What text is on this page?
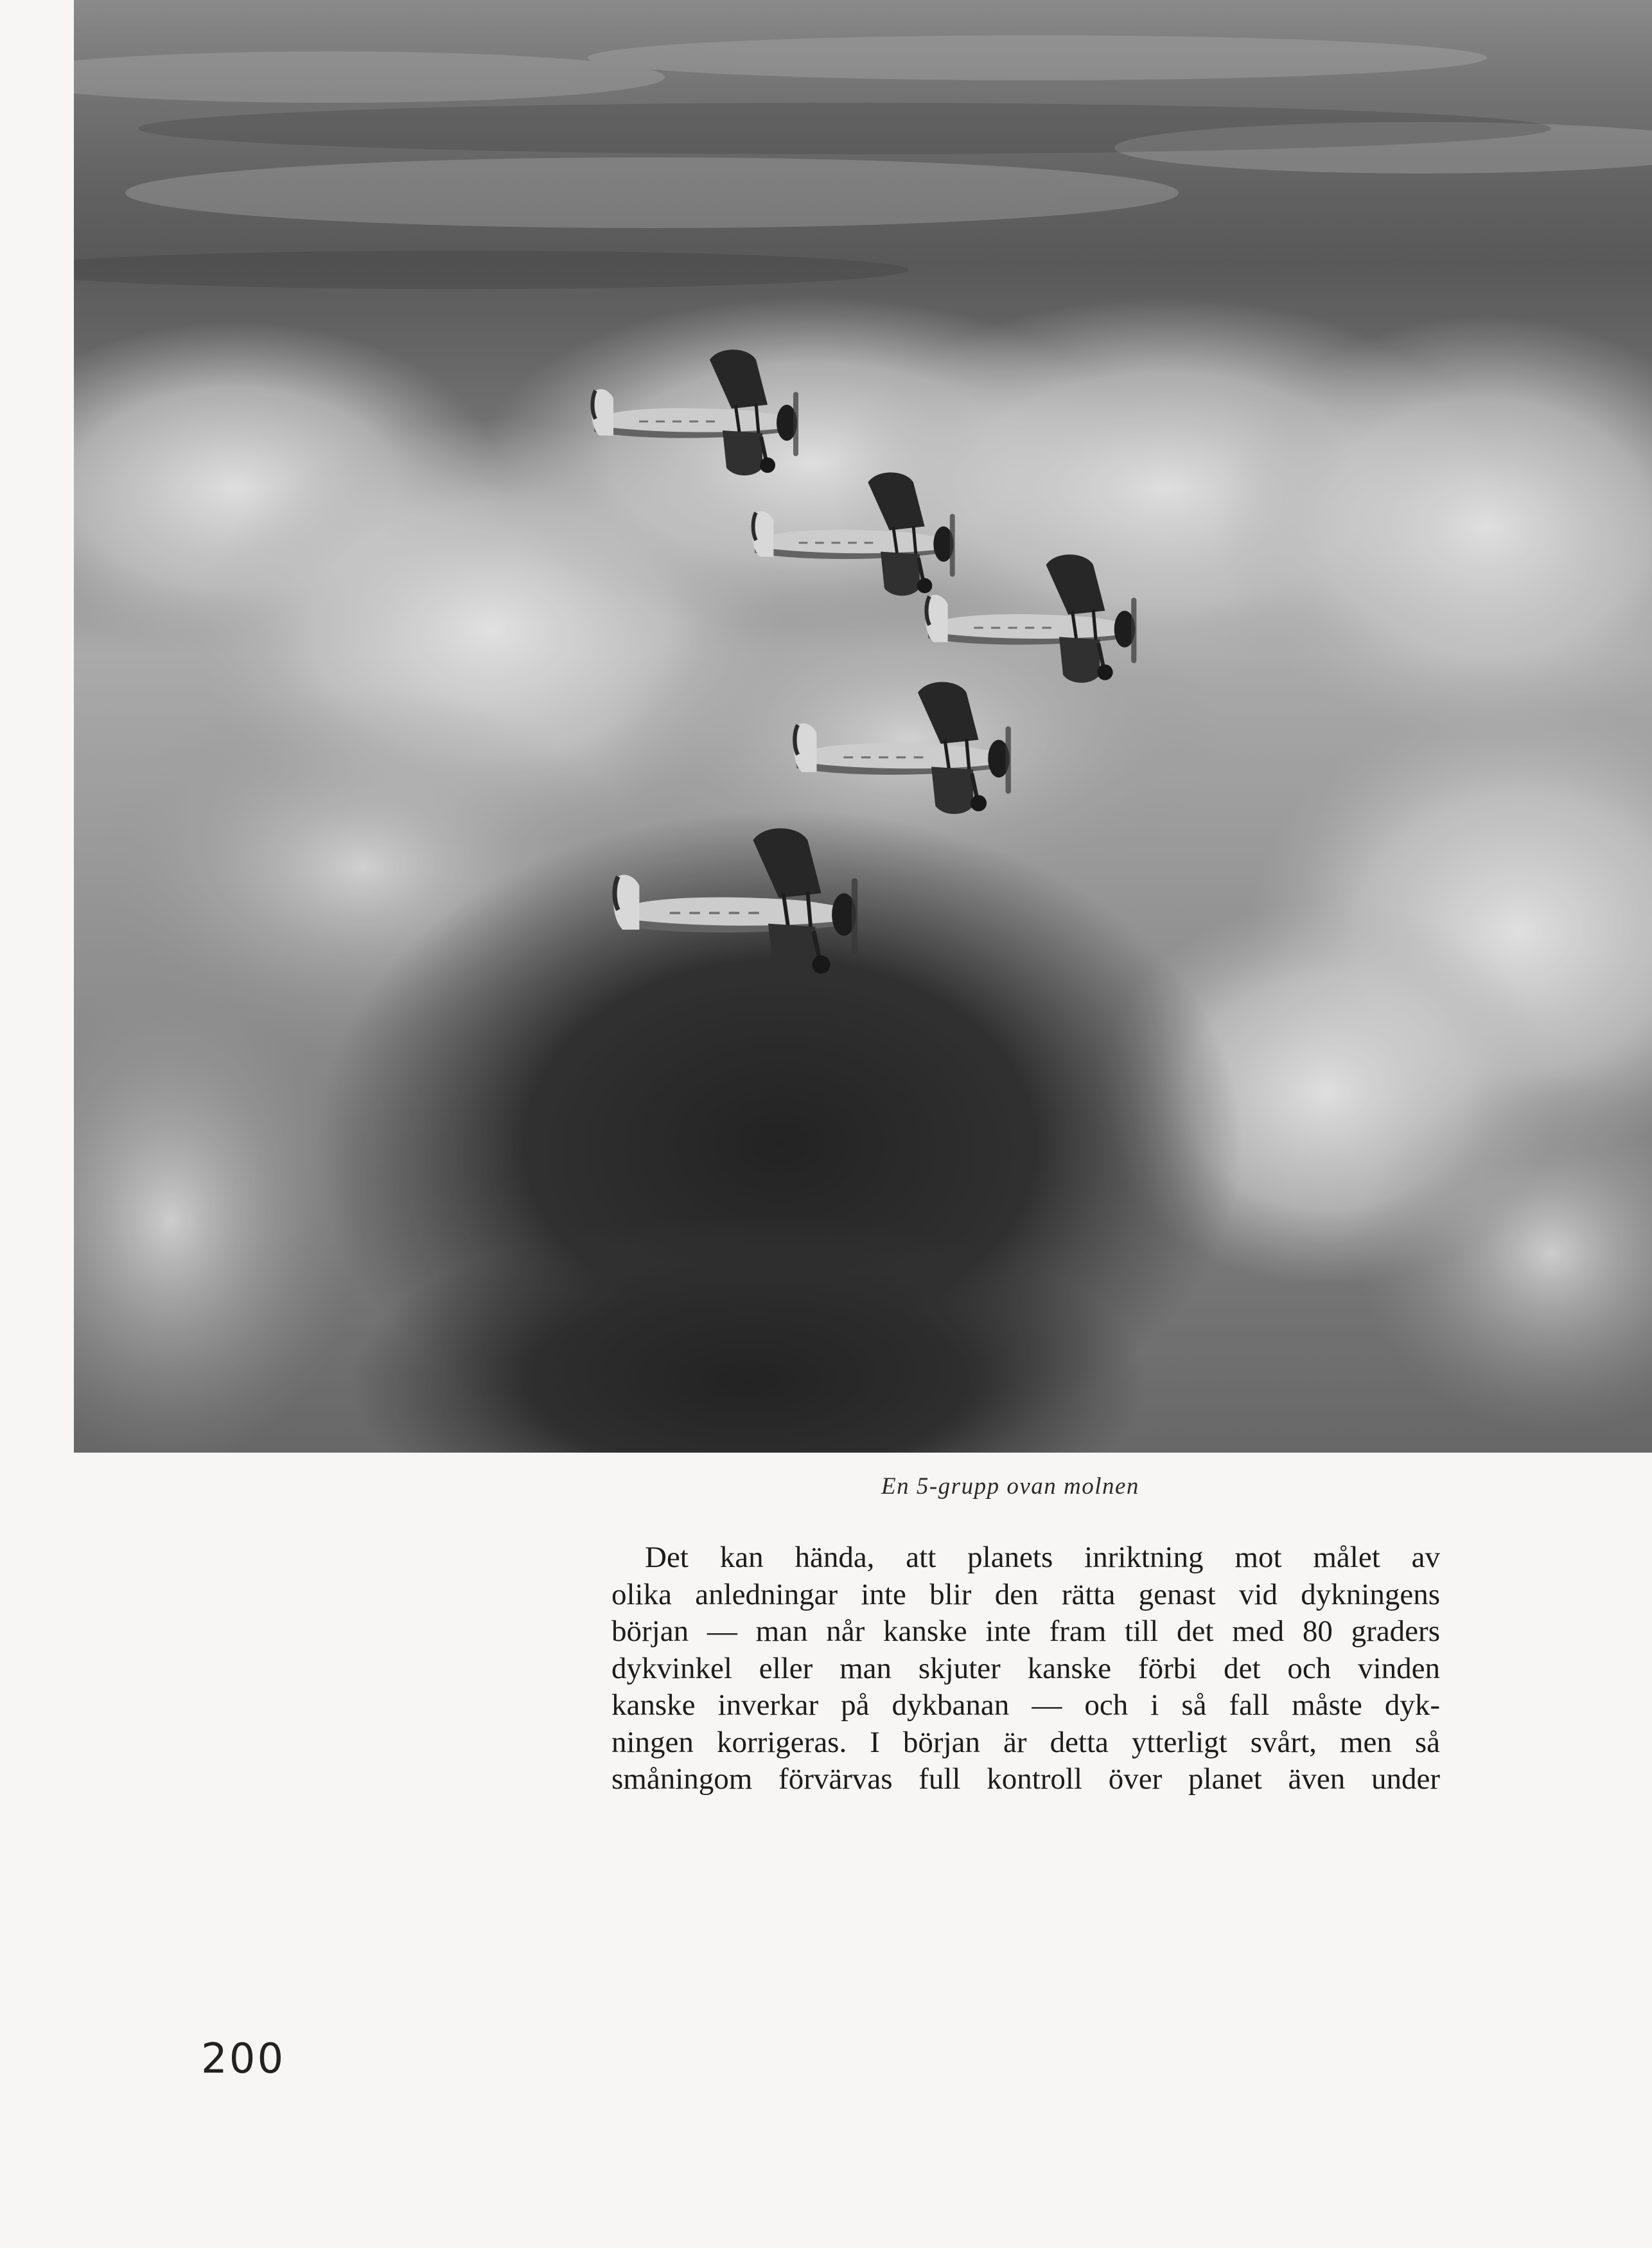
En 5-grupp ovan molnen
Det kan hända, att planets inriktning mot målet av
olika anledningar inte blir den rätta genast vid dykningens
början — man når kanske inte fram till det med 80 graders
dykvinkel eller man skjuter kanske förbi det och vinden
kanske inverkar på dykbanan — och i så fall måste dyk-
ningen korrigeras. I början är detta ytterligt svårt, men så
småningom förvärvas full kontroll över planet även under
200
